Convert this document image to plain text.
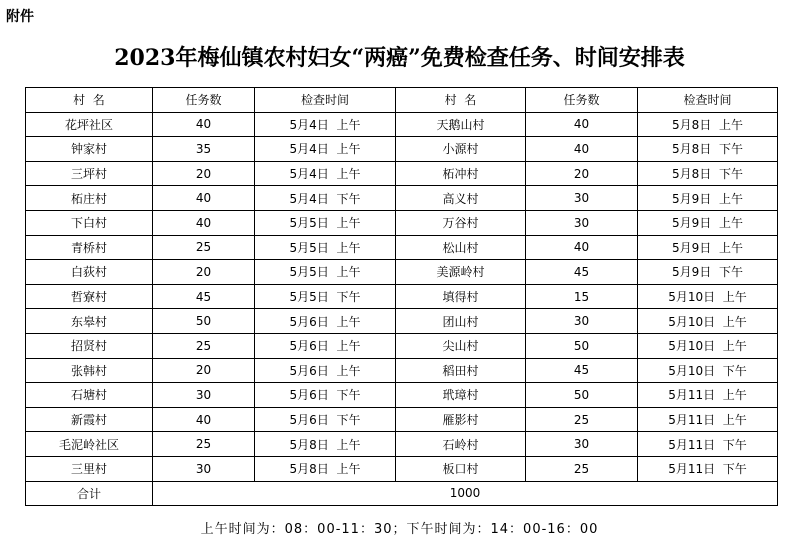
附件
2023年梅仙镇农村妇女“两癌”免费检查任务、时间安排表
村  名	任务数	检查时间	村  名	任务数	检查时间
花坪社区	40	5月4日  上午	天鹅山村	40	5月8日  上午
钟家村	35	5月4日  上午	小源村	40	5月8日  下午
三坪村	20	5月4日  上午	柘冲村	20	5月8日  下午
柘庄村	40	5月4日  下午	高义村	30	5月9日  上午
下白村	40	5月5日  上午	万谷村	30	5月9日  上午
青桥村	25	5月5日  上午	松山村	40	5月9日  上午
白荻村	20	5月5日  上午	美源岭村	45	5月9日  下午
哲寮村	45	5月5日  下午	填得村	15	5月10日  上午
东皋村	50	5月6日  上午	团山村	30	5月10日  上午
招贤村	25	5月6日  上午	尖山村	50	5月10日  上午
张韩村	20	5月6日  上午	稻田村	45	5月10日  下午
石塘村	30	5月6日  下午	玳璋村	50	5月11日  上午
新霞村	40	5月6日  下午	雁影村	25	5月11日  上午
毛泥岭社区	25	5月8日  上午	石岭村	30	5月11日  下午
三里村	30	5月8日  上午	板口村	25	5月11日  下午
合计	1000				
上午时间为：08：00-11：30；下午时间为：14：00-16：00
